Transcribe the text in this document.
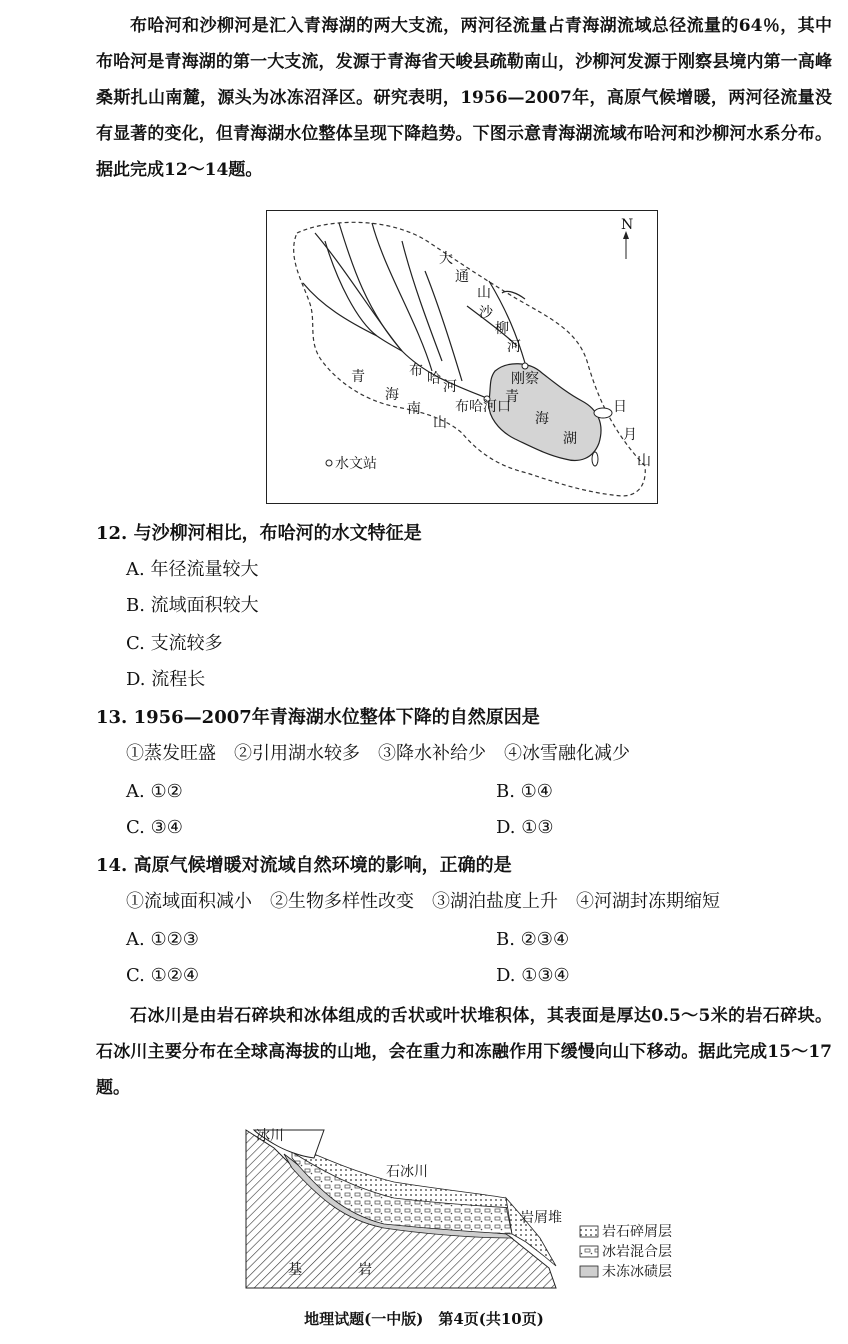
布哈河和沙柳河是汇入青海湖的两大支流，两河径流量占青海湖流域总径流量的64％，其中布哈河是青海湖的第一大支流，发源于青海省天峻县疏勒南山，沙柳河发源于刚察县境内第一高峰桑斯扎山南麓，源头为冰冻沼泽区。研究表明，1956—2007年，高原气候增暖，两河径流量没有显著的变化，但青海湖水位整体呈现下降趋势。下图示意青海湖流域布哈河和沙柳河水系分布。据此完成12～14题。
N
大
通
山
沙
柳
河
刚察
布 哈 河
布哈河口
青
海
湖
青
海
南
山
日
月
山
水文站
12. 与沙柳河相比，布哈河的水文特征是
A. 年径流量较大
B. 流域面积较大
C. 支流较多
D. 流程长
13. 1956—2007年青海湖水位整体下降的自然原因是
①蒸发旺盛　②引用湖水较多　③降水补给少　④冰雪融化减少
A. ①②	B. ①④
C. ③④	D. ①③
14. 高原气候增暖对流域自然环境的影响，正确的是
①流域面积减小　②生物多样性改变　③湖泊盐度上升　④河湖封冻期缩短
A. ①②③	B. ②③④
C. ①②④	D. ①③④
石冰川是由岩石碎块和冰体组成的舌状或叶状堆积体，其表面是厚达0.5～5米的岩石碎块。石冰川主要分布在全球高海拔的山地，会在重力和冻融作用下缓慢向山下移动。据此完成15～17题。
冰川
石冰川
岩屑堆
基	岩
岩石碎屑层
冰岩混合层
未冻冰碛层
地理试题(一中版)　第4页(共10页)
